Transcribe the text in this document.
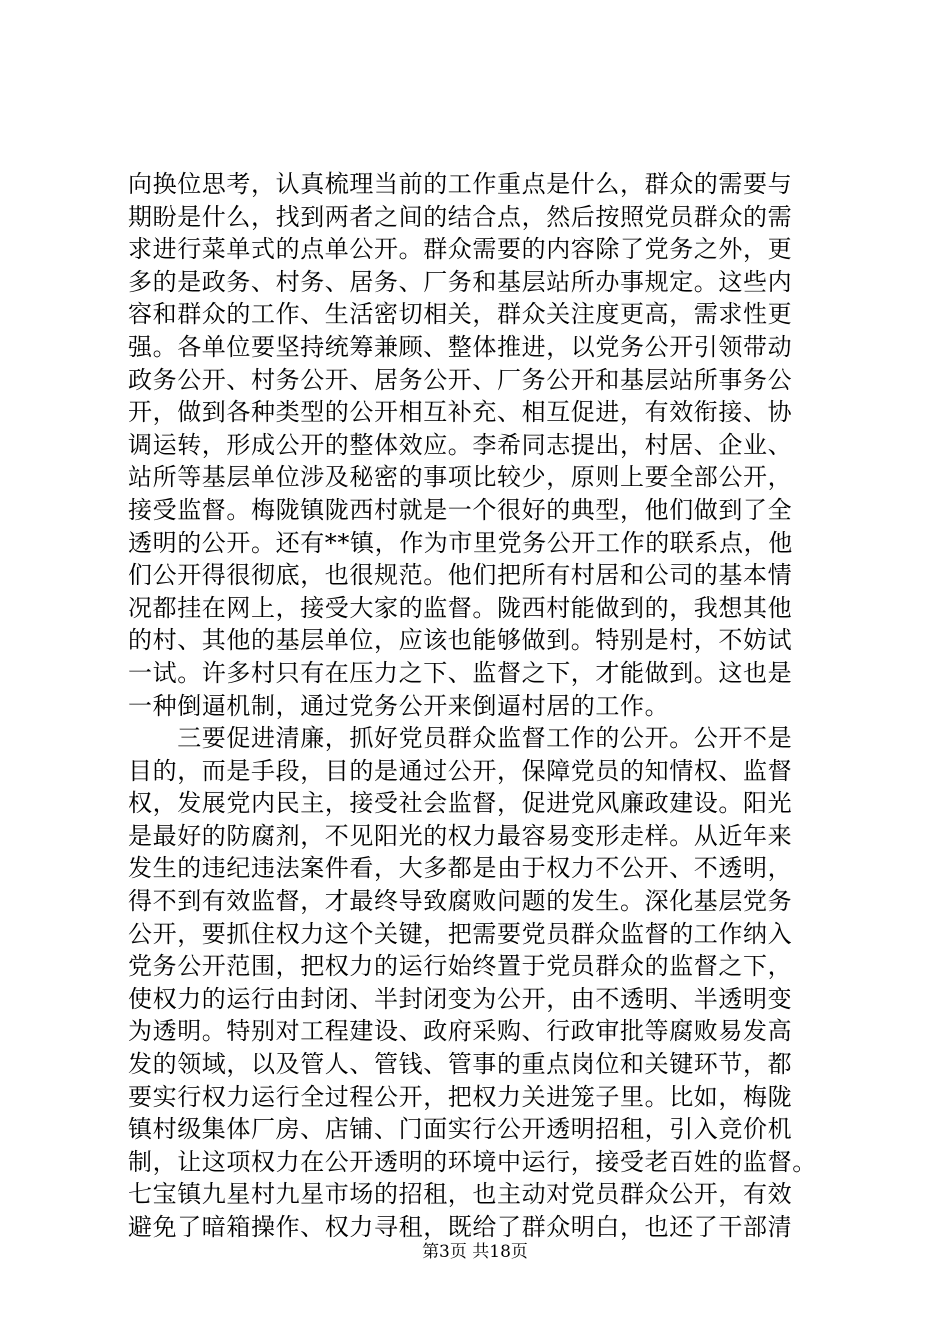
向换位思考，认真梳理当前的工作重点是什么，群众的需要与
期盼是什么，找到两者之间的结合点，然后按照党员群众的需
求进行菜单式的点单公开。群众需要的内容除了党务之外，更
多的是政务、村务、居务、厂务和基层站所办事规定。这些内
容和群众的工作、生活密切相关，群众关注度更高，需求性更
强。各单位要坚持统筹兼顾、整体推进，以党务公开引领带动
政务公开、村务公开、居务公开、厂务公开和基层站所事务公
开，做到各种类型的公开相互补充、相互促进，有效衔接、协
调运转，形成公开的整体效应。李希同志提出，村居、企业、
站所等基层单位涉及秘密的事项比较少，原则上要全部公开，
接受监督。梅陇镇陇西村就是一个很好的典型，他们做到了全
透明的公开。还有**镇，作为市里党务公开工作的联系点，他
们公开得很彻底，也很规范。他们把所有村居和公司的基本情
况都挂在网上，接受大家的监督。陇西村能做到的，我想其他
的村、其他的基层单位，应该也能够做到。特别是村，不妨试
一试。许多村只有在压力之下、监督之下，才能做到。这也是
一种倒逼机制，通过党务公开来倒逼村居的工作。
　　三要促进清廉，抓好党员群众监督工作的公开。公开不是
目的，而是手段，目的是通过公开，保障党员的知情权、监督
权，发展党内民主，接受社会监督，促进党风廉政建设。阳光
是最好的防腐剂，不见阳光的权力最容易变形走样。从近年来
发生的违纪违法案件看，大多都是由于权力不公开、不透明，
得不到有效监督，才最终导致腐败问题的发生。深化基层党务
公开，要抓住权力这个关键，把需要党员群众监督的工作纳入
党务公开范围，把权力的运行始终置于党员群众的监督之下，
使权力的运行由封闭、半封闭变为公开，由不透明、半透明变
为透明。特别对工程建设、政府采购、行政审批等腐败易发高
发的领域，以及管人、管钱、管事的重点岗位和关键环节，都
要实行权力运行全过程公开，把权力关进笼子里。比如，梅陇
镇村级集体厂房、店铺、门面实行公开透明招租，引入竞价机
制，让这项权力在公开透明的环境中运行，接受老百姓的监督。
七宝镇九星村九星市场的招租，也主动对党员群众公开，有效
避免了暗箱操作、权力寻租，既给了群众明白，也还了干部清
第3页 共18页
